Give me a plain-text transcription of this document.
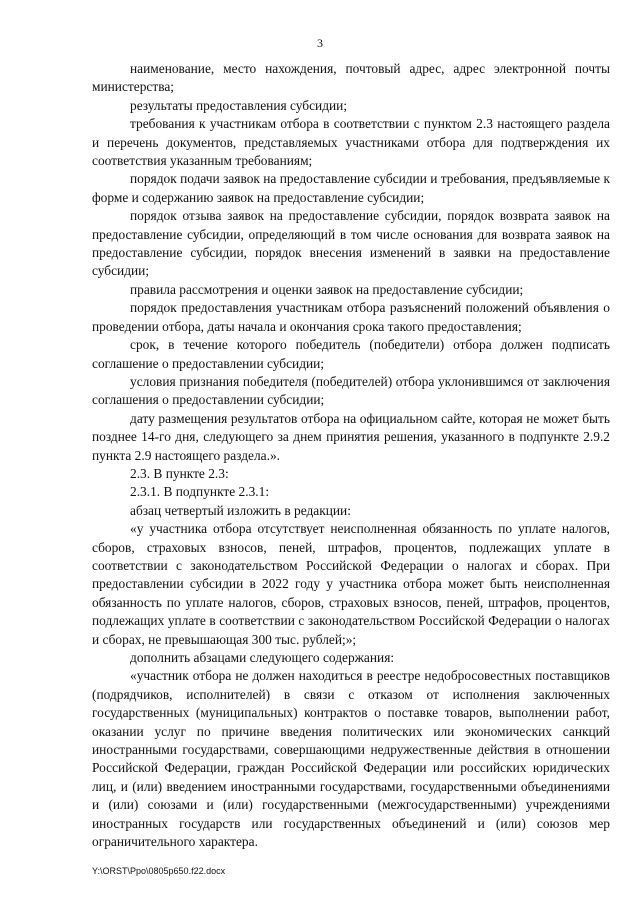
3

наименование, место нахождения, почтовый адрес, адрес электронной почты министерства;

результаты предоставления субсидии;

требования к участникам отбора в соответствии с пунктом 2.3 настоящего раздела и перечень документов, представляемых участниками отбора для подтверждения их соответствия указанным требованиям;

порядок подачи заявок на предоставление субсидии и требования, предъявляемые к форме и содержанию заявок на предоставление субсидии;

порядок отзыва заявок на предоставление субсидии, порядок возврата заявок на предоставление субсидии, определяющий в том числе основания для возврата заявок на предоставление субсидии, порядок внесения изменений в заявки на предоставление субсидии;

правила рассмотрения и оценки заявок на предоставление субсидии;

порядок предоставления участникам отбора разъяснений положений объявления о проведении отбора, даты начала и окончания срока такого предоставления;

срок, в течение которого победитель (победители) отбора должен подписать соглашение о предоставлении субсидии;

условия признания победителя (победителей) отбора уклонившимся от заключения соглашения о предоставлении субсидии;

дату размещения результатов отбора на официальном сайте, которая не может быть позднее 14-го дня, следующего за днем принятия решения, указанного в подпункте 2.9.2 пункта 2.9 настоящего раздела.».

2.3. В пункте 2.3:

2.3.1. В подпункте 2.3.1:

абзац четвертый изложить в редакции:

«у участника отбора отсутствует неисполненная обязанность по уплате налогов, сборов, страховых взносов, пеней, штрафов, процентов, подлежащих уплате в соответствии с законодательством Российской Федерации о налогах и сборах. При предоставлении субсидии в 2022 году у участника отбора может быть неисполненная обязанность по уплате налогов, сборов, страховых взносов, пеней, штрафов, процентов, подлежащих уплате в соответствии с законодательством Российской Федерации о налогах и сборах, не превышающая 300 тыс. рублей;»;

дополнить абзацами следующего содержания:

«участник отбора не должен находиться в реестре недобросовестных поставщиков (подрядчиков, исполнителей) в связи с отказом от исполнения заключенных государственных (муниципальных) контрактов о поставке товаров, выполнении работ, оказании услуг по причине введения политических или экономических санкций иностранными государствами, совершающими недружественные действия в отношении Российской Федерации, граждан Российской Федерации или российских юридических лиц, и (или) введением иностранными государствами, государственными объединениями и (или) союзами и (или) государственными (межгосударственными) учреждениями иностранных государств или государственных объединений и (или) союзов мер ограничительного характера.

Y:\ORST\Ppo\0805p650.f22.docx
